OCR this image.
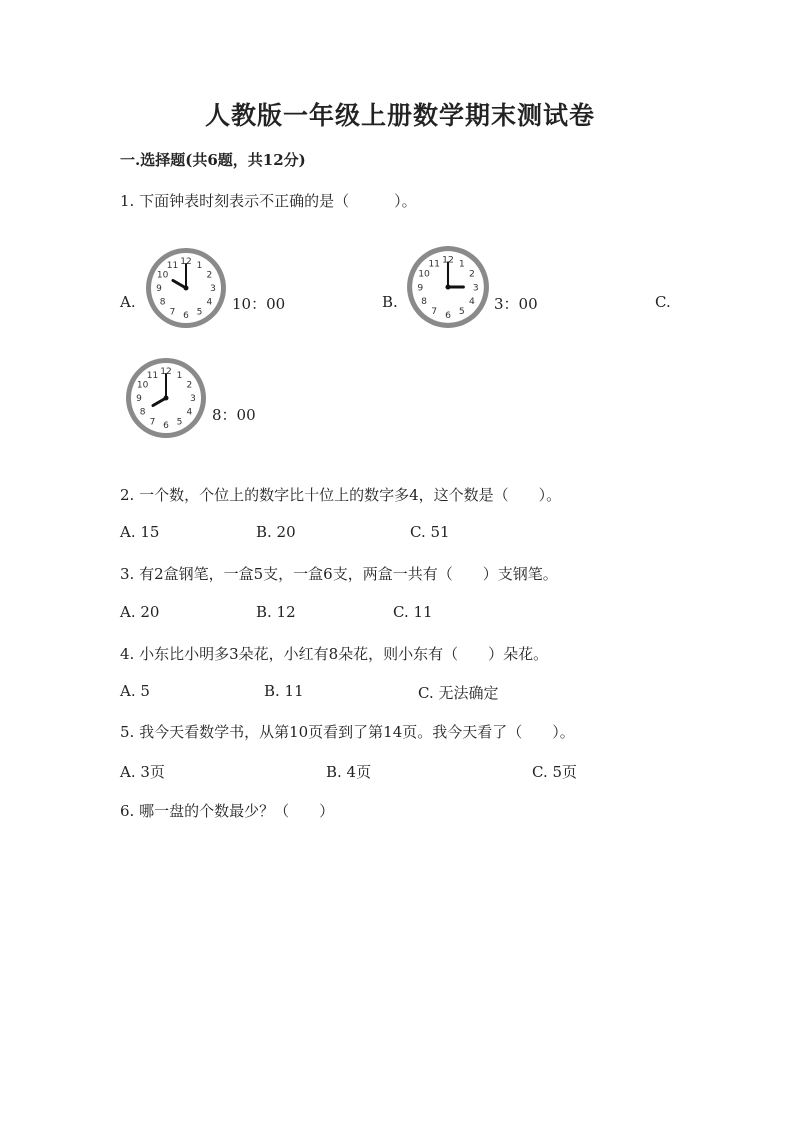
人教版一年级上册数学期末测试卷
一.选择题(共6题，共12分)
1. 下面钟表时刻表示不正确的是（　　　）。
A.
1
2
3
4
5
6
7
8
9
10
11 12
10：00	B.
1
2
3
4
5
6
7
8
9
10
11 12
3：00	C.
1
2
3
4
5
6
7
8
9
10
11 12
8：00
2. 一个数，个位上的数字比十位上的数字多4，这个数是（　　）。
A. 15	B. 20	C. 51
3. 有2盒钢笔，一盒5支，一盒6支，两盒一共有（　　）支钢笔。
A. 20	B. 12	C. 11
4. 小东比小明多3朵花，小红有8朵花，则小东有（　　）朵花。
A. 5	B. 11	C. 无法确定
5. 我今天看数学书，从第10页看到了第14页。我今天看了（　　）。
A. 3页	B. 4页	C. 5页
6. 哪一盘的个数最少？（　　）
